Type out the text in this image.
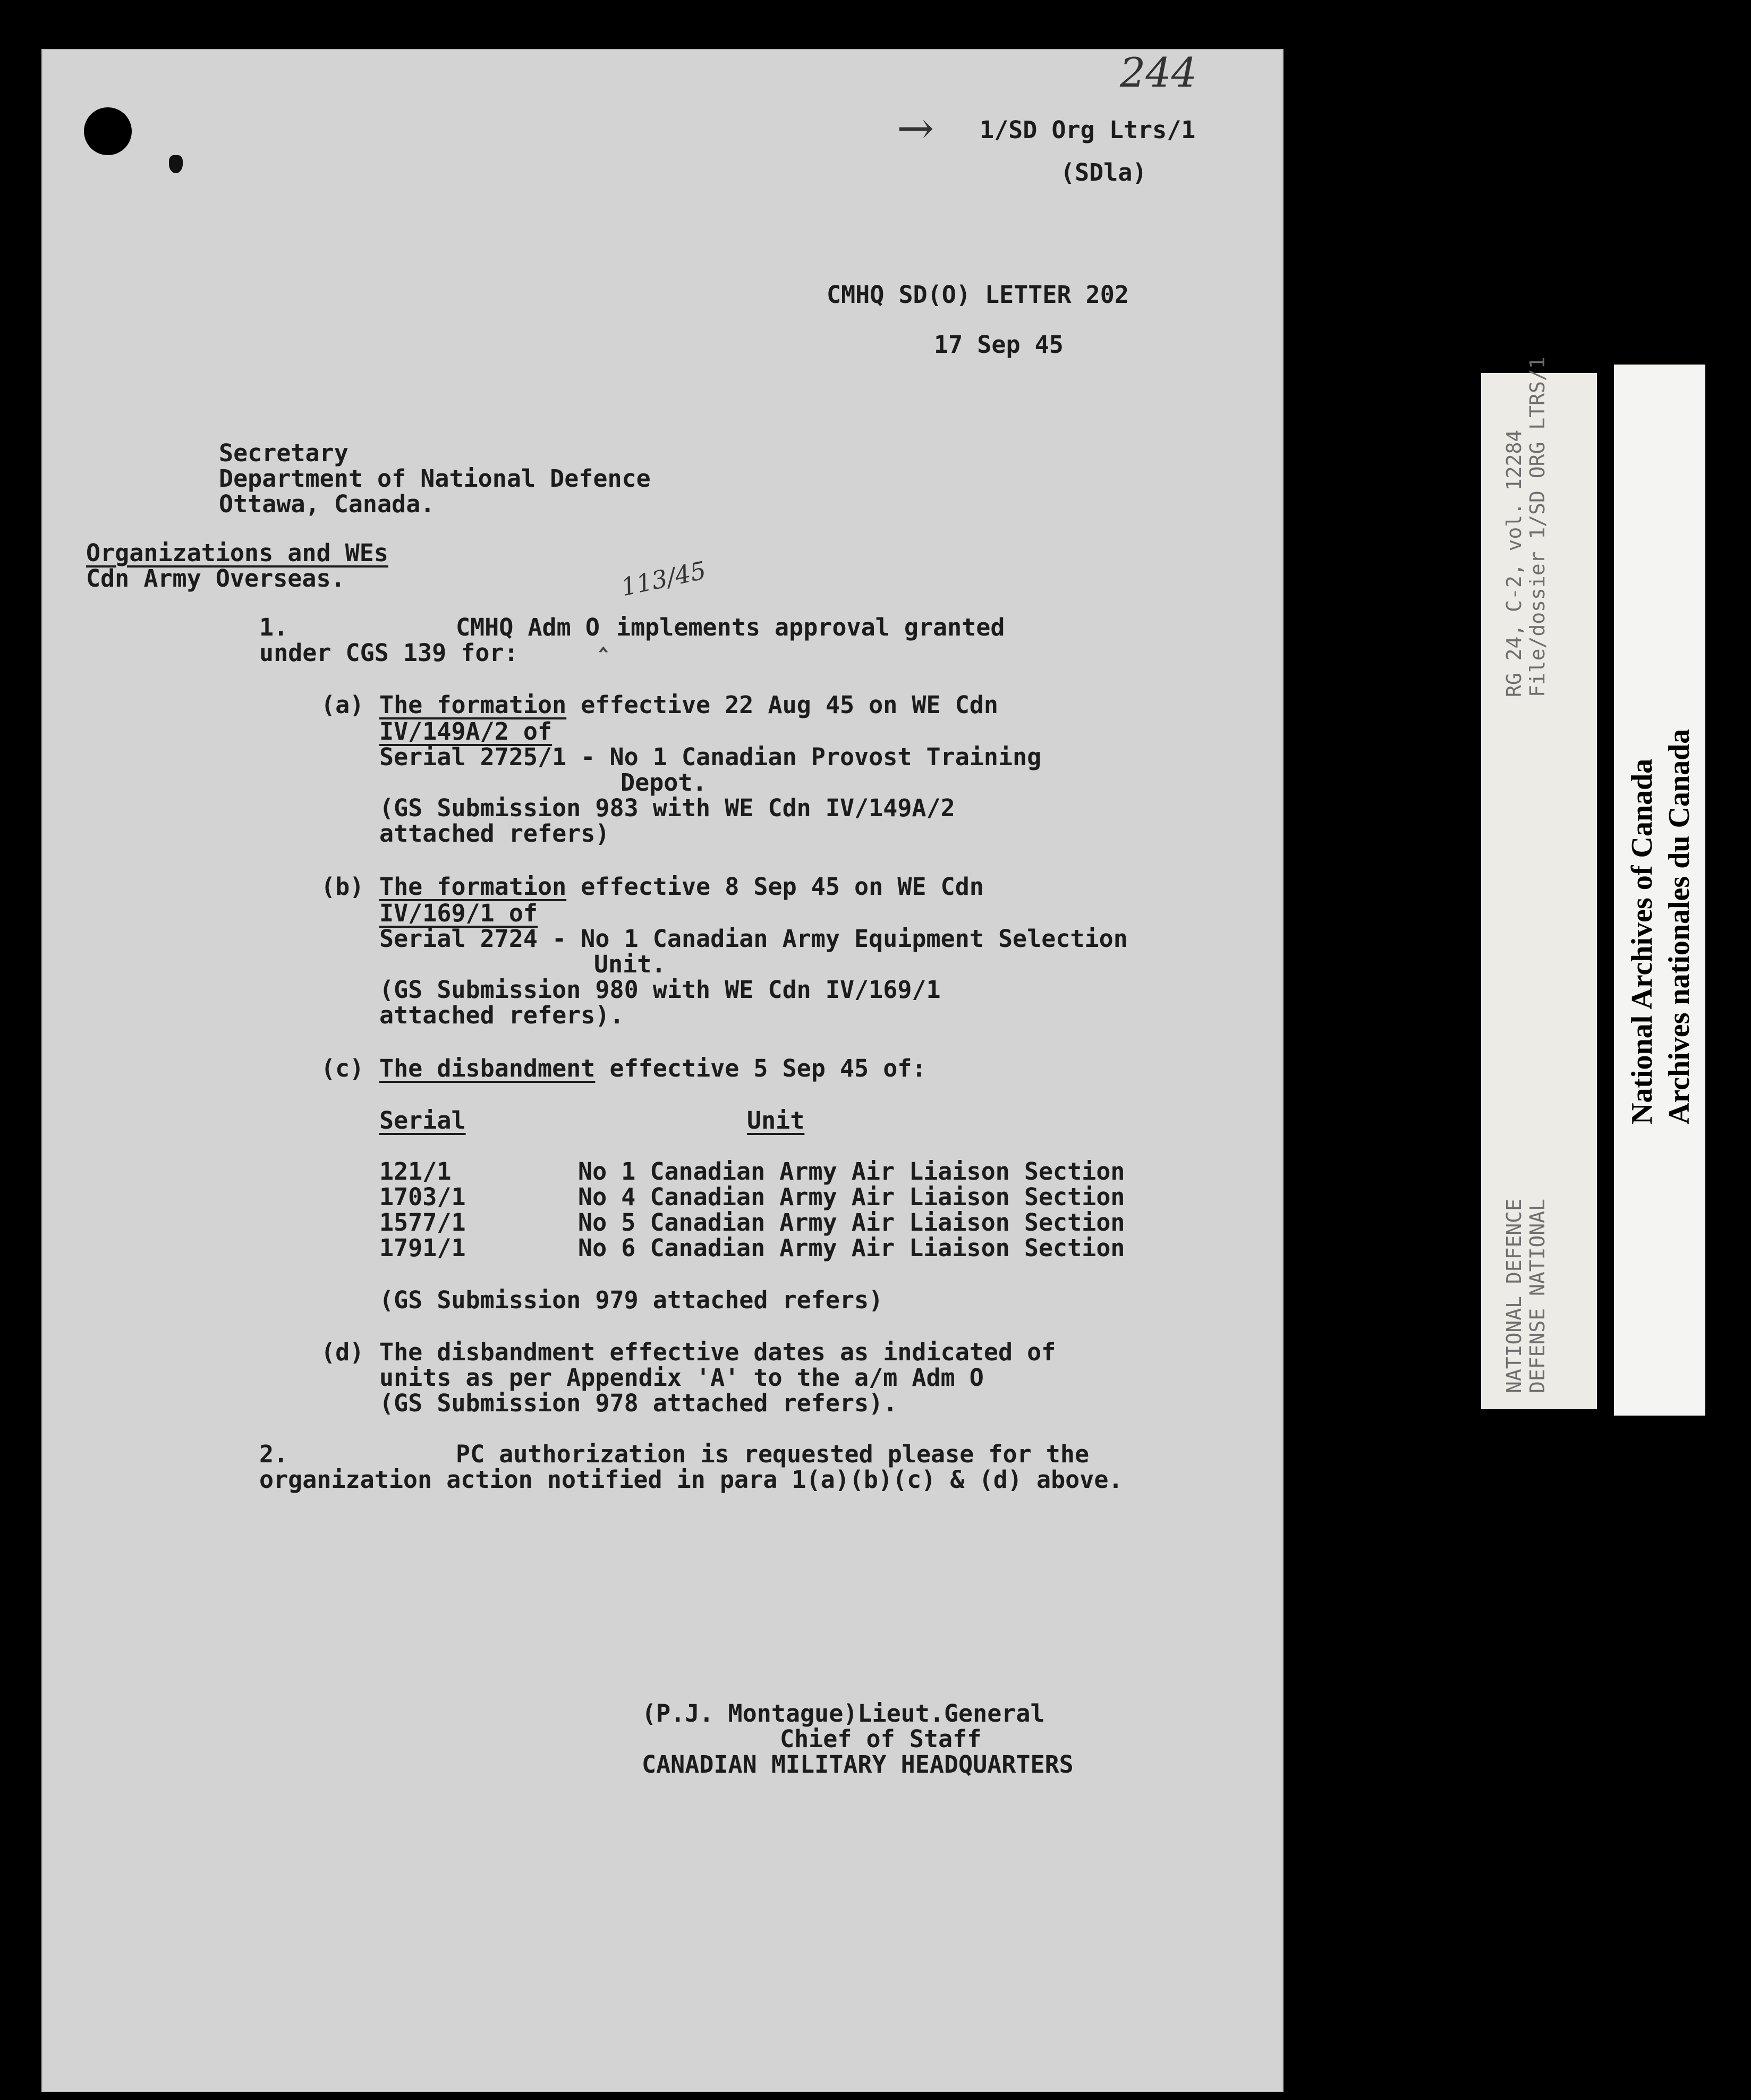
244
→ 1/SD Org Ltrs/1
(SDla)
CMHQ SD(O) LETTER 202
17 Sep 45
Secretary
Department of National Defence
Ottawa, Canada.
Organizations and WEs
Cdn Army Overseas.	113/45
1.	CMHQ Adm O ‸ implements approval granted
under CGS 139 for:
(a) The formation effective 22 Aug 45 on WE Cdn
IV/149A/2 of
Serial 2725/1 - No 1 Canadian Provost Training
Depot.
(GS Submission 983 with WE Cdn IV/149A/2
attached refers)
(b) The formation effective 8 Sep 45 on WE Cdn
IV/169/1 of
Serial 2724 - No 1 Canadian Army Equipment Selection
Unit.
(GS Submission 980 with WE Cdn IV/169/1
attached refers).
(c) The disbandment effective 5 Sep 45 of:
Serial	Unit
121/1	No 1 Canadian Army Air Liaison Section
1703/1	No 4 Canadian Army Air Liaison Section
1577/1	No 5 Canadian Army Air Liaison Section
1791/1	No 6 Canadian Army Air Liaison Section
(GS Submission 979 attached refers)
(d) The disbandment effective dates as indicated of
units as per Appendix 'A' to the a/m Adm O
(GS Submission 978 attached refers).
2.	PC authorization is requested please for the
organization action notified in para 1(a)(b)(c) & (d) above.
(P.J. Montague)Lieut.General
Chief of Staff
CANADIAN MILITARY HEADQUARTERS
RG 24, C-2, vol. 12284 File/dossier 1/SD ORG LTRS/1
NATIONAL DEFENCE DEFENSE NATIONAL
National Archives of Canada Archives nationales du Canada
